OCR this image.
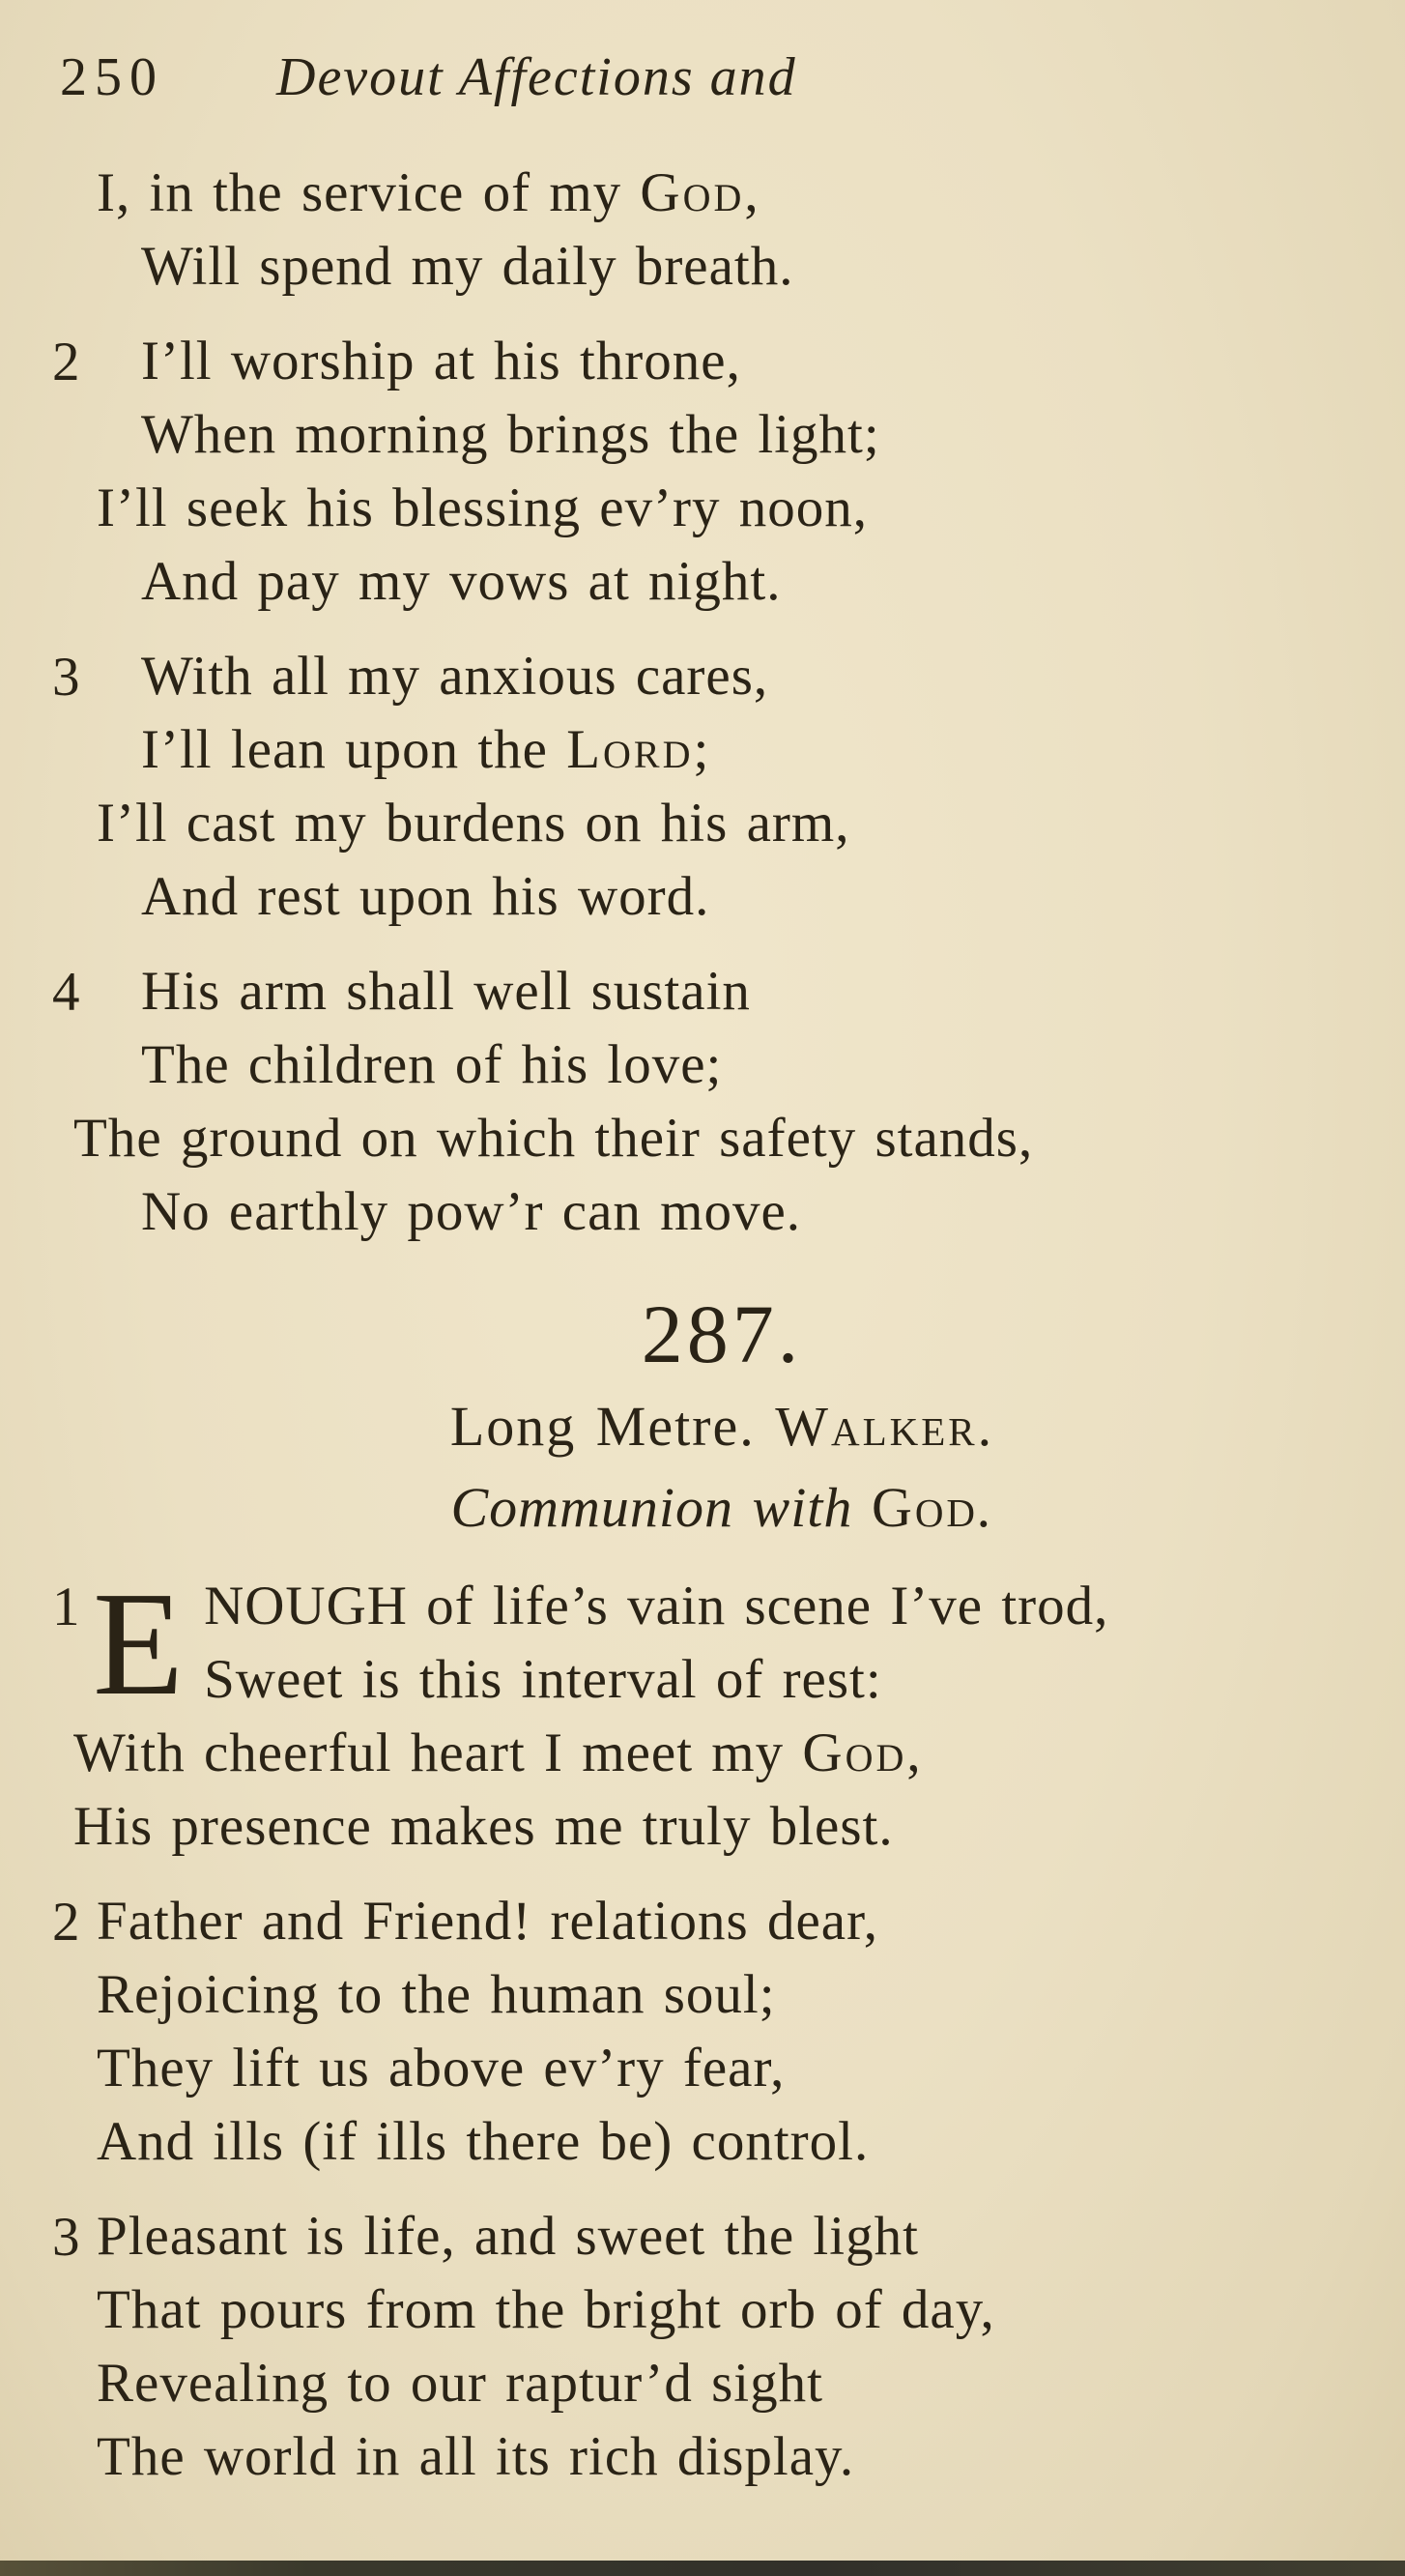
250 Devout Affections and
I, in the service of my God,
Will spend my daily breath.
2	I’ll worship at his throne,
When morning brings the light;
I’ll seek his blessing ev’ry noon,
And pay my vows at night.
3	With all my anxious cares,
I’ll lean upon the Lord;
I’ll cast my burdens on his arm,
And rest upon his word.
4	His arm shall well sustain
The children of his love;
The ground on which their safety stands,
No earthly pow’r can move.
287.
Long Metre. Walker.
Communion with God.
1 E NOUGH of life’s vain scene I’ve trod,
Sweet is this interval of rest:
With cheerful heart I meet my God,
His presence makes me truly blest.
2 Father and Friend! relations dear,
Rejoicing to the human soul;
They lift us above ev’ry fear,
And ills (if ills there be) control.
3 Pleasant is life, and sweet the light
That pours from the bright orb of day,
Revealing to our raptur’d sight
The world in all its rich display.
